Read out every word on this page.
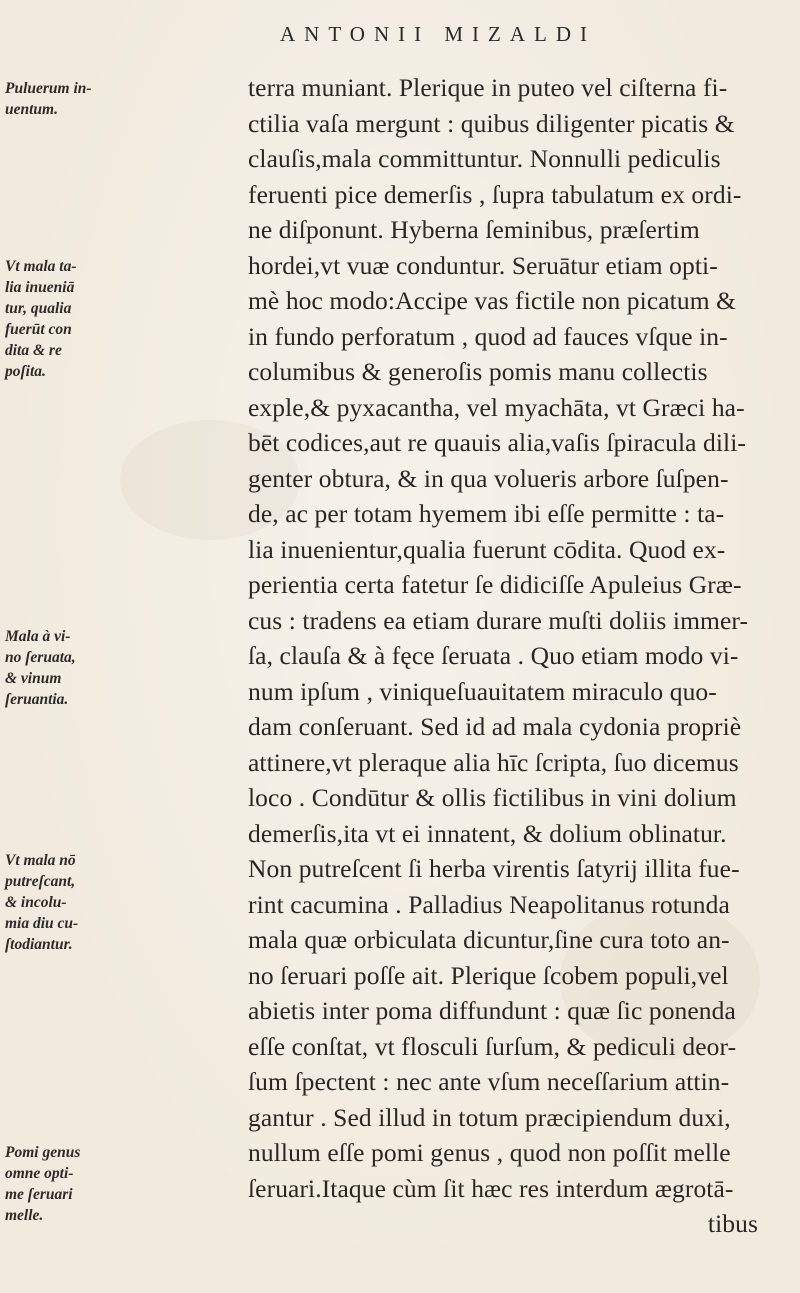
ANTONII MIZALDI
terra muniant. Plerique in puteo vel ciſterna fi-
ctilia vaſa mergunt : quibus diligenter picatis &
clauſis,mala committuntur. Nonnulli pediculis
feruenti pice demerſis , ſupra tabulatum ex ordi-
ne diſponunt. Hyberna ſeminibus, præſertim
hordei,vt vuæ conduntur. Seruātur etiam opti-
mè hoc modo:Accipe vas fictile non picatum &
in fundo perforatum , quod ad fauces vſque in-
columibus & generoſis pomis manu collectis
exple,& pyxacantha, vel myachāta, vt Græci ha-
bēt codices,aut re quauis alia,vaſis ſpiracula dili-
genter obtura, & in qua volueris arbore ſuſpen-
de, ac per totam hyemem ibi eſſe permitte : ta-
lia inuenientur,qualia fuerunt cōdita. Quod ex-
perientia certa fatetur ſe didiciſſe Apuleius Græ-
cus : tradens ea etiam durare muſti doliis immer-
ſa, clauſa & à fęce ſeruata . Quo etiam modo vi-
num ipſum , viniqueſuauitatem miraculo quo-
dam conſeruant. Sed id ad mala cydonia propriè
attinere,vt pleraque alia hīc ſcripta, ſuo dicemus
loco . Condūtur & ollis fictilibus in vini dolium
demerſis,ita vt ei innatent, & dolium oblinatur.
Non putreſcent ſi herba virentis ſatyrij illita fue-
rint cacumina . Palladius Neapolitanus rotunda
mala quæ orbiculata dicuntur,ſine cura toto an-
no ſeruari poſſe ait. Plerique ſcobem populi,vel
abietis inter poma diffundunt : quæ ſic ponenda
eſſe conſtat, vt flosculi ſurſum, & pediculi deor-
ſum ſpectent : nec ante vſum neceſſarium attin-
gantur . Sed illud in totum præcipiendum duxi,
nullum eſſe pomi genus , quod non poſſit melle
ſeruari.Itaque cùm ſit hæc res interdum ægrotā-
tibus
Puluerum in-
uentum.
Vt mala ta-
lia inueniā
tur, qualia
fuerūt con
dita & re
poſita.
Mala à vi-
no ſeruata,
& vinum
ſeruantia.
Vt mala nō
putreſcant,
& incolu-
mia diu cu-
ſtodiantur.
Pomi genus
omne opti-
me ſeruari
melle.
